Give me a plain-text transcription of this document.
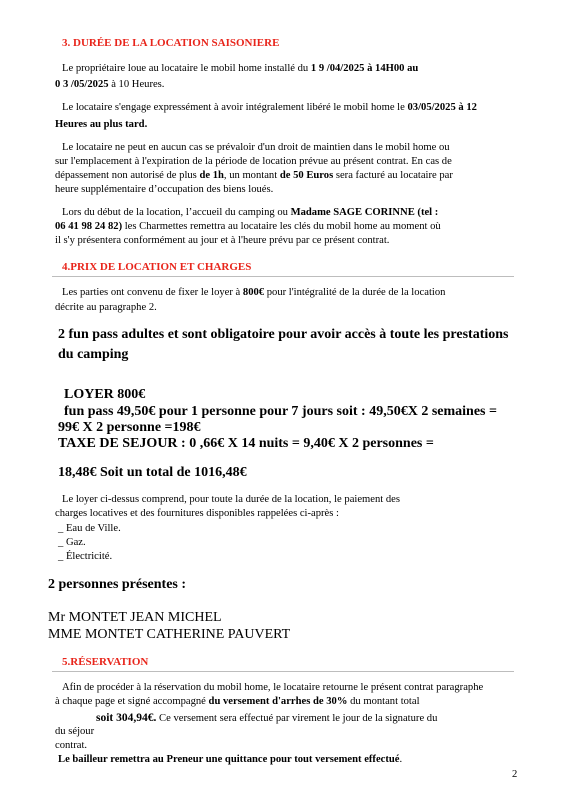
3. DURÉE DE LA LOCATION SAISONIERE
Le propriétaire loue au locataire le mobil home installé du 1 9 /04/2025 à 14H00 au
0 3 /05/2025 à 10 Heures.
Le locataire s'engage expressément à avoir intégralement libéré le mobil home le 03/05/2025 à 12
Heures au plus tard.
Le locataire ne peut en aucun cas se prévaloir d'un droit de maintien dans le mobil home ou
sur l'emplacement à l'expiration de la période de location prévue au présent contrat. En cas de
dépassement non autorisé de plus de 1h, un montant de 50 Euros sera facturé au locataire par
heure supplémentaire d’occupation des biens loués.
Lors du début de la location, l’accueil du camping ou Madame SAGE CORINNE (tel :
06 41 98 24 82) les Charmettes remettra au locataire les clés du mobil home au moment où
il s'y présentera conformément au jour et à l'heure prévu par ce présent contrat.
4.PRIX DE LOCATION ET CHARGES
Les parties ont convenu de fixer le loyer à 800€ pour l'intégralité de la durée de la location
décrite au paragraphe 2.
2 fun pass adultes et sont obligatoire pour avoir accès à toute les prestations
du camping
LOYER 800€
fun pass 49,50€ pour 1 personne pour 7 jours soit : 49,50€X 2 semaines =
99€ X 2 personne =198€
TAXE DE SEJOUR : 0 ,66€ X 14 nuits = 9,40€ X 2 personnes =
18,48€ Soit un total de 1016,48€
Le loyer ci-dessus comprend, pour toute la durée de la location, le paiement des
charges locatives et des fournitures disponibles rappelées ci-après :
_ Eau de Ville.
_ Gaz.
_ Électricité.
2 personnes présentes :
Mr MONTET JEAN MICHEL
MME MONTET CATHERINE PAUVERT
5.RÉSERVATION
Afin de procéder à la réservation du mobil home, le locataire retourne le présent contrat paragraphe
à chaque page et signé accompagné du versement d'arrhes de 30% du montant total
soit 304,94€. Ce versement sera effectué par virement le jour de la signature du
du séjour
contrat.
Le bailleur remettra au Preneur une quittance pour tout versement effectué.
2
